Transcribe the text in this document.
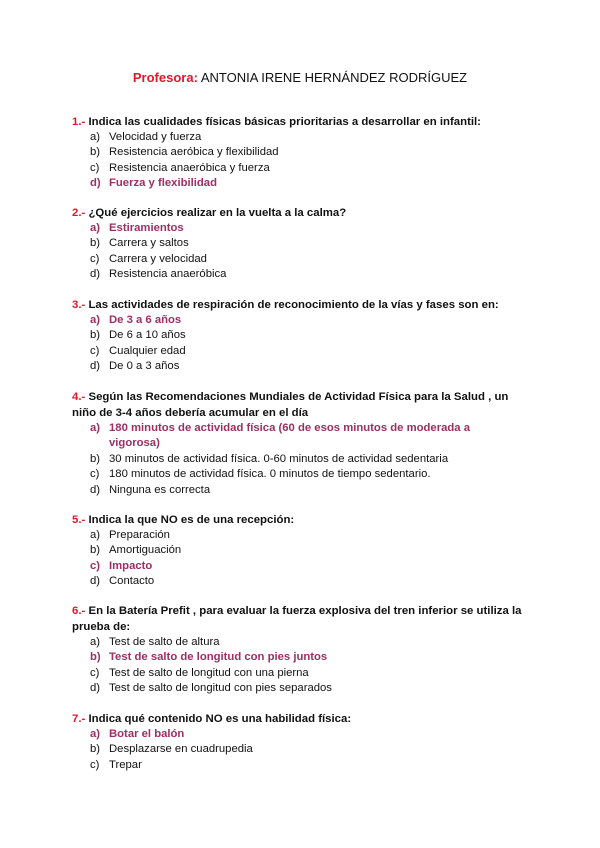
Profesora: ANTONIA IRENE HERNÁNDEZ RODRÍGUEZ

1.- Indica las cualidades físicas básicas prioritarias a desarrollar en infantil:

a) Velocidad y fuerza
b) Resistencia aeróbica y flexibilidad
c) Resistencia anaeróbica y fuerza
d) Fuerza y flexibilidad

2.- ¿Qué ejercicios realizar en la vuelta a la calma?

a) Estiramientos
b) Carrera y saltos
c) Carrera y velocidad
d) Resistencia anaeróbica

3.- Las actividades de respiración de reconocimiento de la vías y fases son en:

a) De 3 a 6 años
b) De 6 a 10 años
c) Cualquier edad
d) De 0 a 3 años

4.- Según las Recomendaciones Mundiales de Actividad Física para la Salud , un niño de 3-4 años debería acumular en el día

a) 180 minutos de actividad física (60 de esos minutos de moderada a vigorosa)
b) 30 minutos de actividad física. 0-60 minutos de actividad sedentaria
c) 180 minutos de actividad física. 0 minutos de tiempo sedentario.
d) Ninguna es correcta

5.- Indica la que NO es de una recepción:

a) Preparación
b) Amortiguación
c) Impacto
d) Contacto

6.- En la Batería Prefit , para evaluar la fuerza explosiva del tren inferior se utiliza la prueba de:

a) Test de salto de altura
b) Test de salto de longitud con pies juntos
c) Test de salto de longitud con una pierna
d) Test de salto de longitud con pies separados

7.- Indica qué contenido NO es una habilidad física:

a) Botar el balón
b) Desplazarse en cuadrupedia
c) Trepar
